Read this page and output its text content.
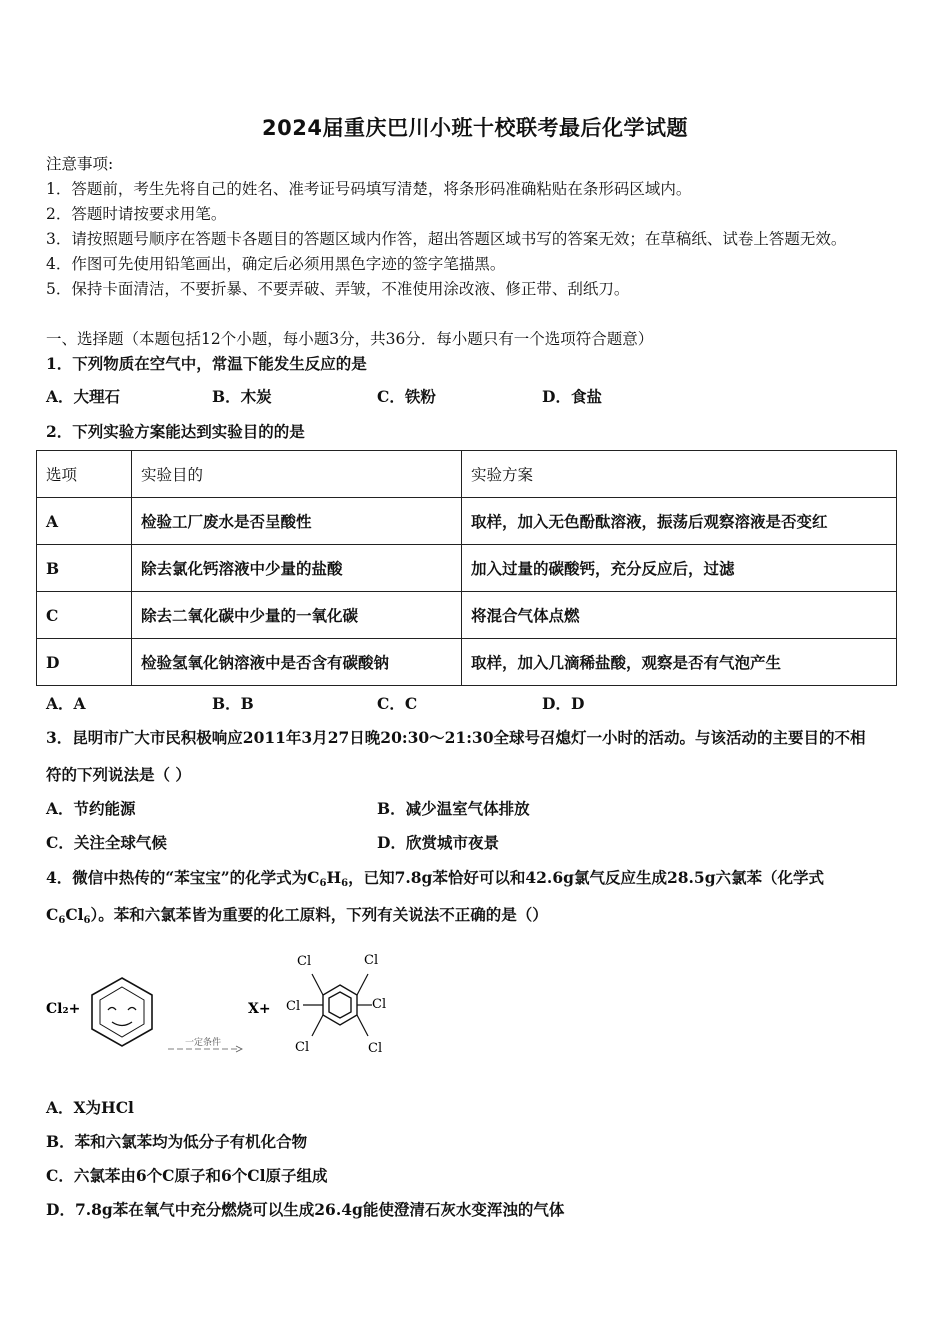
2024届重庆巴川小班十校联考最后化学试题
注意事项:
1．答题前，考生先将自己的姓名、准考证号码填写清楚，将条形码准确粘贴在条形码区域内。
2．答题时请按要求用笔。
3．请按照题号顺序在答题卡各题目的答题区域内作答，超出答题区域书写的答案无效；在草稿纸、试卷上答题无效。
4．作图可先使用铅笔画出，确定后必须用黑色字迹的签字笔描黑。
5．保持卡面清洁，不要折暴、不要弄破、弄皱，不准使用涂改液、修正带、刮纸刀。
一、选择题（本题包括12个小题，每小题3分，共36分．每小题只有一个选项符合题意）
1．下列物质在空气中，常温下能发生反应的是
A．大理石	B．木炭	C．铁粉	D．食盐
2．下列实验方案能达到实验目的的是
选项	实验目的	实验方案
A	检验工厂废水是否呈酸性	取样，加入无色酚酞溶液，振荡后观察溶液是否变红
B	除去氯化钙溶液中少量的盐酸	加入过量的碳酸钙，充分反应后，过滤
C	除去二氧化碳中少量的一氧化碳	将混合气体点燃
D	检验氢氧化钠溶液中是否含有碳酸钠	取样，加入几滴稀盐酸，观察是否有气泡产生
A．A	B．B	C．C	D．D
3．昆明市广大市民积极响应2011年3月27日晚20:30～21:30全球号召熄灯一小时的活动。与该活动的主要目的不相
符的下列说法是（ ）
A．节约能源	B．减少温室气体排放
C．关注全球气候	D．欣赏城市夜景
4．微信中热传的“苯宝宝”的化学式为$C_6H_6$，已知7.8g苯恰好可以和42.6g氯气反应生成28.5g六氯苯（化学式
$C_6Cl_6$）。苯和六氯苯皆为重要的化工原料，下列有关说法不正确的是（）
Cl₂+
一定条件
X+
Cl	Cl
Cl	Cl
Cl	Cl
A．X为HCl
B．苯和六氯苯均为低分子有机化合物
C．六氯苯由6个C原子和6个Cl原子组成
D．7.8g苯在氧气中充分燃烧可以生成26.4g能使澄清石灰水变浑浊的气体
